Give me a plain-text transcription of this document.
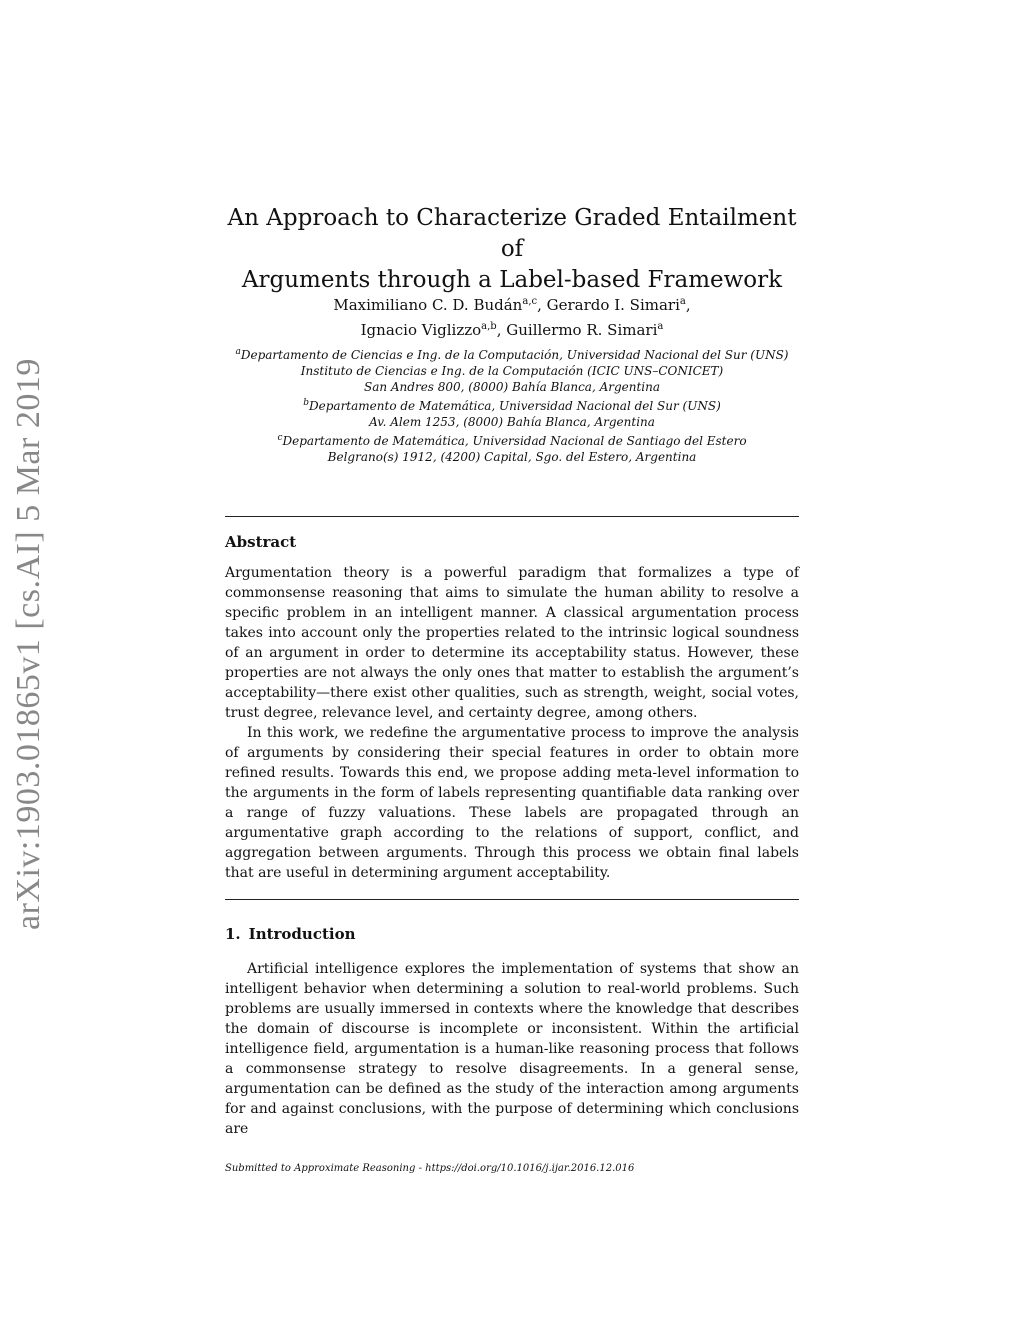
arXiv:1903.01865v1 [cs.AI] 5 Mar 2019
An Approach to Characterize Graded Entailment of
Arguments through a Label-based Framework
Maximiliano C. D. Budán$^{a,c}$, Gerardo I. Simari$^a$,
Ignacio Viglizzo$^{a,b}$, Guillermo R. Simari$^a$
$^a$Departamento de Ciencias e Ing. de la Computación, Universidad Nacional del Sur (UNS)
Instituto de Ciencias e Ing. de la Computación (ICIC UNS–CONICET)
San Andres 800, (8000) Bahía Blanca, Argentina
$^b$Departamento de Matemática, Universidad Nacional del Sur (UNS)
Av. Alem 1253, (8000) Bahía Blanca, Argentina
$^c$Departamento de Matemática, Universidad Nacional de Santiago del Estero
Belgrano(s) 1912, (4200) Capital, Sgo. del Estero, Argentina
Abstract

Argumentation theory is a powerful paradigm that formalizes a type of commonsense reasoning that aims to simulate the human ability to resolve a specific problem in an intelligent manner. A classical argumentation process takes into account only the properties related to the intrinsic logical soundness of an argument in order to determine its acceptability status. However, these properties are not always the only ones that matter to establish the argument’s acceptability—there exist other qualities, such as strength, weight, social votes, trust degree, relevance level, and certainty degree, among others.

In this work, we redefine the argumentative process to improve the analysis of arguments by considering their special features in order to obtain more refined results. Towards this end, we propose adding meta-level information to the arguments in the form of labels representing quantifiable data ranking over a range of fuzzy valuations. These labels are propagated through an argumentative graph according to the relations of support, conflict, and aggregation between arguments. Through this process we obtain final labels that are useful in determining argument acceptability.

1. Introduction

Artificial intelligence explores the implementation of systems that show an intelligent behavior when determining a solution to real-world problems. Such problems are usually immersed in contexts where the knowledge that describes the domain of discourse is incomplete or inconsistent. Within the artificial intelligence field, argumentation is a human-like reasoning process that follows a commonsense strategy to resolve disagreements. In a general sense, argumentation can be defined as the study of the interaction among arguments for and against conclusions, with the purpose of determining which conclusions are

Submitted to Approximate Reasoning - https://doi.org/10.1016/j.ijar.2016.12.016
